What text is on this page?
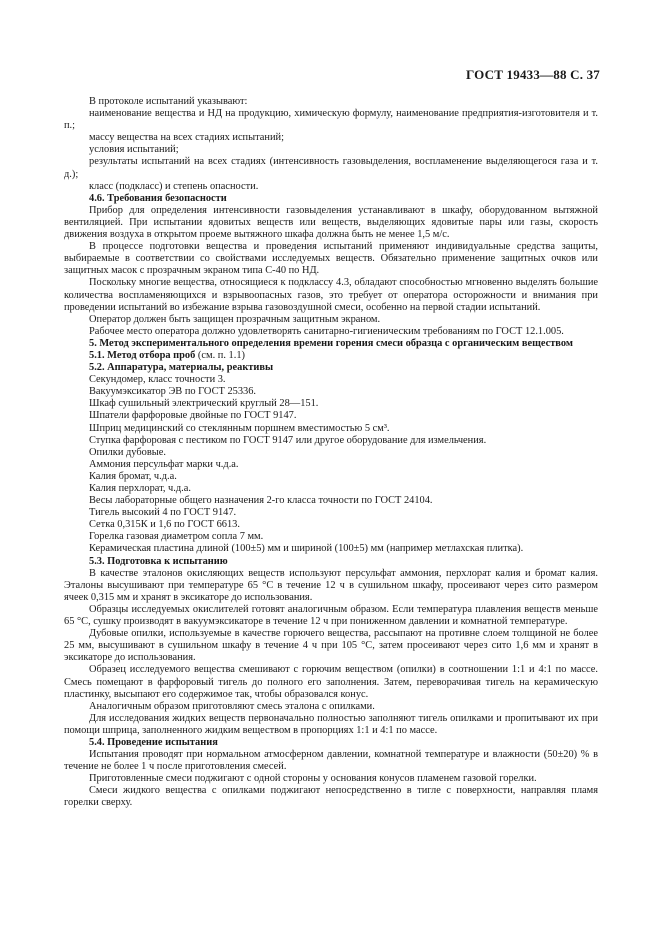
ГОСТ 19433—88 С. 37

В протоколе испытаний указывают:

наименование вещества и НД на продукцию, химическую формулу, наименование предприятия-изготовителя и т. п.;

массу вещества на всех стадиях испытаний;

условия испытаний;

результаты испытаний на всех стадиях (интенсивность газовыделения, воспламенение выделяющегося газа и т. д.);

класс (подкласс) и степень опасности.

4.6. Требования безопасности

Прибор для определения интенсивности газовыделения устанавливают в шкафу, оборудованном вытяжной вентиляцией. При испытании ядовитых веществ или веществ, выделяющих ядовитые пары или газы, скорость движения воздуха в открытом проеме вытяжного шкафа должна быть не менее 1,5 м/с.

В процессе подготовки вещества и проведения испытаний применяют индивидуальные средства защиты, выбираемые в соответствии со свойствами исследуемых веществ. Обязательно применение защитных очков или защитных масок с прозрачным экраном типа С-40 по НД.

Поскольку многие вещества, относящиеся к подклассу 4.3, обладают способностью мгновенно выделять большие количества воспламеняющихся и взрывоопасных газов, это требует от оператора осторожности и внимания при проведении испытаний во избежание взрыва газовоздушной смеси, особенно на первой стадии испытаний.

Оператор должен быть защищен прозрачным защитным экраном.

Рабочее место оператора должно удовлетворять санитарно-гигиеническим требованиям по ГОСТ 12.1.005.

5. Метод экспериментального определения времени горения смеси образца с органическим веществом

5.1. Метод отбора проб (см. п. 1.1)

5.2. Аппаратура, материалы, реактивы

Секундомер, класс точности 3.

Вакуумэксикатор ЭВ по ГОСТ 25336.

Шкаф сушильный электрический круглый 28—151.

Шпатели фарфоровые двойные по ГОСТ 9147.

Шприц медицинский со стеклянным поршнем вместимостью 5 см³.

Ступка фарфоровая с пестиком по ГОСТ 9147 или другое оборудование для измельчения.

Опилки дубовые.

Аммония персульфат марки ч.д.а.

Калия бромат, ч.д.а.

Калия перхлорат, ч.д.а.

Весы лабораторные общего назначения 2-го класса точности по ГОСТ 24104.

Тигель высокий 4 по ГОСТ 9147.

Сетка 0,315К и 1,6 по ГОСТ 6613.

Горелка газовая диаметром сопла 7 мм.

Керамическая пластина длиной (100±5) мм и шириной (100±5) мм (например метлахская плитка).

5.3. Подготовка к испытанию

В качестве эталонов окисляющих веществ используют персульфат аммония, перхлорат калия и бромат калия. Эталоны высушивают при температуре 65 °С в течение 12 ч в сушильном шкафу, просеивают через сито размером ячеек 0,315 мм и хранят в эксикаторе до использования.

Образцы исследуемых окислителей готовят аналогичным образом. Если температура плавления веществ меньше 65 °С, сушку производят в вакуумэксикаторе в течение 12 ч при пониженном давлении и комнатной температуре.

Дубовые опилки, используемые в качестве горючего вещества, рассыпают на противне слоем толщиной не более 25 мм, высушивают в сушильном шкафу в течение 4 ч при 105 °С, затем просеивают через сито 1,6 мм и хранят в эксикаторе до использования.

Образец исследуемого вещества смешивают с горючим веществом (опилки) в соотношении 1:1 и 4:1 по массе. Смесь помещают в фарфоровый тигель до полного его заполнения. Затем, переворачивая тигель на керамическую пластинку, высыпают его содержимое так, чтобы образовался конус.

Аналогичным образом приготовляют смесь эталона с опилками.

Для исследования жидких веществ первоначально полностью заполняют тигель опилками и пропитывают их при помощи шприца, заполненного жидким веществом в пропорциях 1:1 и 4:1 по массе.

5.4. Проведение испытания

Испытания проводят при нормальном атмосферном давлении, комнатной температуре и влажности (50±20) % в течение не более 1 ч после приготовления смесей.

Приготовленные смеси поджигают с одной стороны у основания конусов пламенем газовой горелки.

Смеси жидкого вещества с опилками поджигают непосредственно в тигле с поверхности, направляя пламя горелки сверху.
